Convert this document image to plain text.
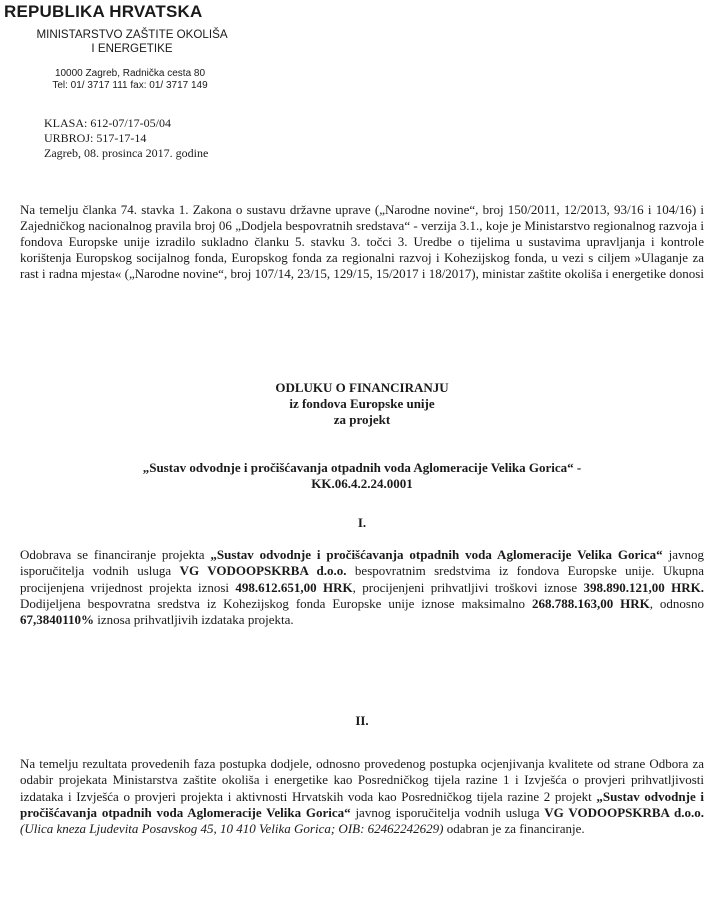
REPUBLIKA HRVATSKA
MINISTARSTVO ZAŠTITE OKOLIŠA
I ENERGETIKE
10000 Zagreb, Radnička cesta 80
Tel: 01/ 3717 111 fax: 01/ 3717 149
KLASA: 612-07/17-05/04
URBROJ: 517-17-14
Zagreb, 08. prosinca 2017. godine
Na temelju članka 74. stavka 1. Zakona o sustavu državne uprave („Narodne novine“, broj 150/2011, 12/2013, 93/16 i 104/16) i Zajedničkog nacionalnog pravila broj 06 „Dodjela bespovratnih sredstava“ - verzija 3.1., koje je Ministarstvo regionalnog razvoja i fondova Europske unije izradilo sukladno članku 5. stavku 3. točci 3. Uredbe o tijelima u sustavima upravljanja i kontrole korištenja Europskog socijalnog fonda, Europskog fonda za regionalni razvoj i Kohezijskog fonda, u vezi s ciljem »Ulaganje za rast i radna mjesta« („Narodne novine“, broj 107/14, 23/15, 129/15, 15/2017 i 18/2017), ministar zaštite okoliša i energetike donosi
ODLUKU O FINANCIRANJU
iz fondova Europske unije
za projekt
„Sustav odvodnje i pročišćavanja otpadnih voda Aglomeracije Velika Gorica“ -
KK.06.4.2.24.0001
I.
Odobrava se financiranje projekta „Sustav odvodnje i pročišćavanja otpadnih voda Aglomeracije Velika Gorica“ javnog isporučitelja vodnih usluga VG VODOOPSKRBA d.o.o. bespovratnim sredstvima iz fondova Europske unije. Ukupna procijenjena vrijednost projekta iznosi 498.612.651,00 HRK, procijenjeni prihvatljivi troškovi iznose 398.890.121,00 HRK. Dodijeljena bespovratna sredstva iz Kohezijskog fonda Europske unije iznose maksimalno 268.788.163,00 HRK, odnosno 67,3840110% iznosa prihvatljivih izdataka projekta.
II.
Na temelju rezultata provedenih faza postupka dodjele, odnosno provedenog postupka ocjenjivanja kvalitete od strane Odbora za odabir projekata Ministarstva zaštite okoliša i energetike kao Posredničkog tijela razine 1 i Izvješća o provjeri prihvatljivosti izdataka i Izvješća o provjeri projekta i aktivnosti Hrvatskih voda kao Posredničkog tijela razine 2 projekt „Sustav odvodnje i pročišćavanja otpadnih voda Aglomeracije Velika Gorica“ javnog isporučitelja vodnih usluga VG VODOOPSKRBA d.o.o. (Ulica kneza Ljudevita Posavskog 45, 10 410 Velika Gorica; OIB: 62462242629) odabran je za financiranje.
